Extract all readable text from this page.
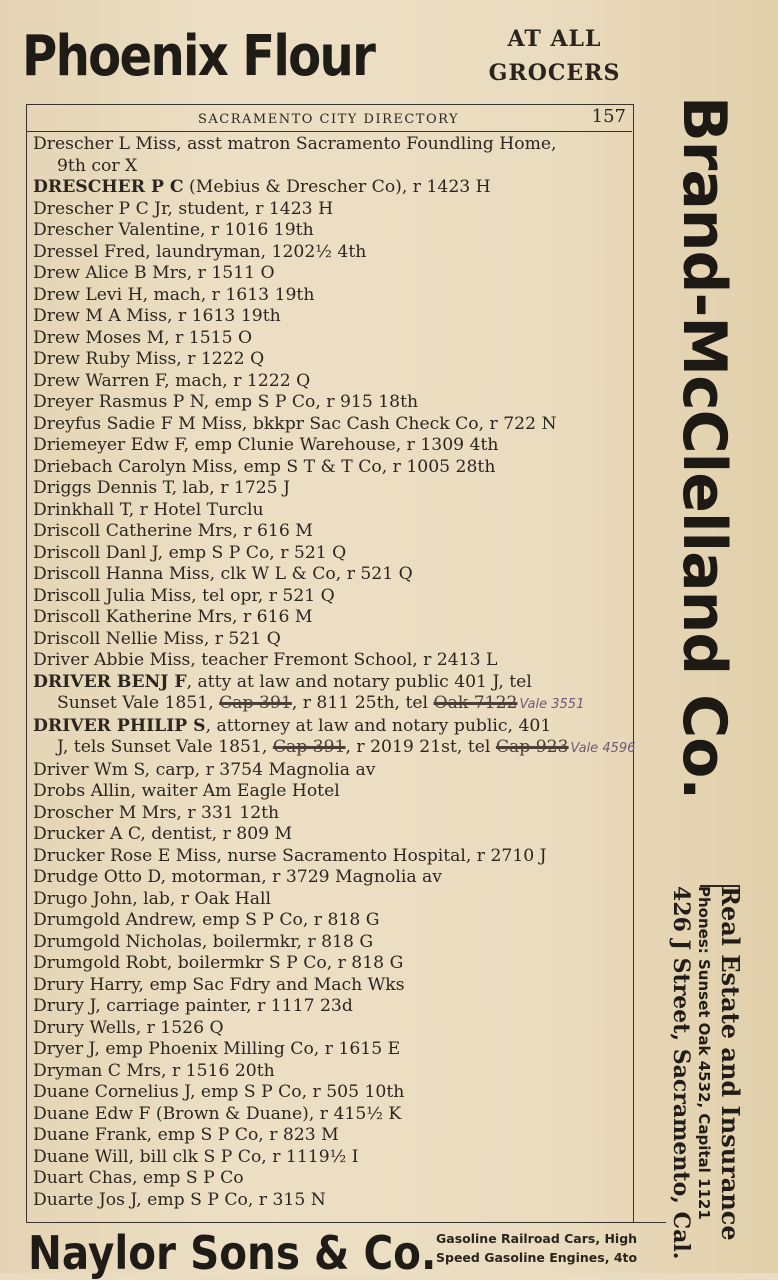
Phoenix Flour	AT ALL
GROCERS
SACRAMENTO CITY DIRECTORY	157
Drescher L Miss, asst matron Sacramento Foundling Home,
9th cor X
DRESCHER P C (Mebius & Drescher Co), r 1423 H
Drescher P C Jr, student, r 1423 H
Drescher Valentine, r 1016 19th
Dressel Fred, laundryman, 1202½ 4th
Drew Alice B Mrs, r 1511 O
Drew Levi H, mach, r 1613 19th
Drew M A Miss, r 1613 19th
Drew Moses M, r 1515 O
Drew Ruby Miss, r 1222 Q
Drew Warren F, mach, r 1222 Q
Dreyer Rasmus P N, emp S P Co, r 915 18th
Dreyfus Sadie F M Miss, bkkpr Sac Cash Check Co, r 722 N
Driemeyer Edw F, emp Clunie Warehouse, r 1309 4th
Driebach Carolyn Miss, emp S T & T Co, r 1005 28th
Driggs Dennis T, lab, r 1725 J
Drinkhall T, r Hotel Turclu
Driscoll Catherine Mrs, r 616 M
Driscoll Danl J, emp S P Co, r 521 Q
Driscoll Hanna Miss, clk W L & Co, r 521 Q
Driscoll Julia Miss, tel opr, r 521 Q
Driscoll Katherine Mrs, r 616 M
Driscoll Nellie Miss, r 521 Q
Driver Abbie Miss, teacher Fremont School, r 2413 L
DRIVER BENJ F, atty at law and notary public 401 J, tel
Sunset Vale 1851, Cap 391, r 811 25th, tel Oak 7122 Vale 3551
DRIVER PHILIP S, attorney at law and notary public, 401
J, tels Sunset Vale 1851, Cap 391, r 2019 21st, tel Cap 923 Vale 4596
Driver Wm S, carp, r 3754 Magnolia av
Drobs Allin, waiter Am Eagle Hotel
Droscher M Mrs, r 331 12th
Drucker A C, dentist, r 809 M
Drucker Rose E Miss, nurse Sacramento Hospital, r 2710 J
Drudge Otto D, motorman, r 3729 Magnolia av
Drugo John, lab, r Oak Hall
Drumgold Andrew, emp S P Co, r 818 G
Drumgold Nicholas, boilermkr, r 818 G
Drumgold Robt, boilermkr S P Co, r 818 G
Drury Harry, emp Sac Fdry and Mach Wks
Drury J, carriage painter, r 1117 23d
Drury Wells, r 1526 Q
Dryer J, emp Phoenix Milling Co, r 1615 E
Dryman C Mrs, r 1516 20th
Duane Cornelius J, emp S P Co, r 505 10th
Duane Edw F (Brown & Duane), r 415½ K
Duane Frank, emp S P Co, r 823 M
Duane Will, bill clk S P Co, r 1119½ I
Duart Chas, emp S P Co
Duarte Jos J, emp S P Co, r 315 N
Brand-McClelland Co.
Real Estate and Insurance
Phones: Sunset Oak 4532, Capital 1121
426 J Street, Sacramento, Cal.
Naylor Sons & Co. Gasoline Railroad Cars, High
Speed Gasoline Engines, 4to
